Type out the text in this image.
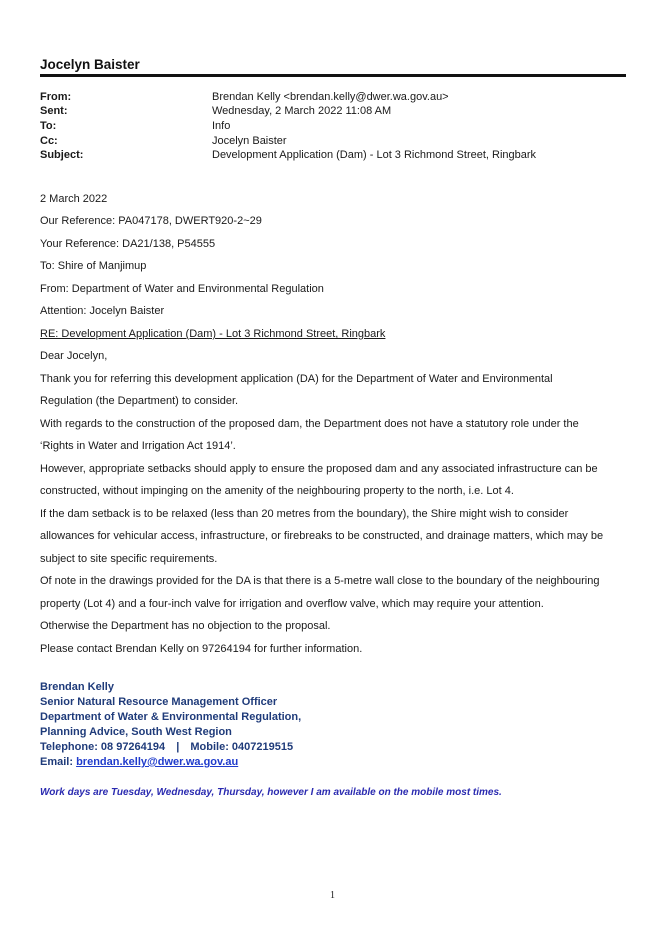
Jocelyn Baister
From:	Brendan Kelly <brendan.kelly@dwer.wa.gov.au>
Sent:	Wednesday, 2 March 2022 11:08 AM
To:	Info
Cc:	Jocelyn Baister
Subject:	Development Application (Dam) - Lot 3 Richmond Street, Ringbark
2 March 2022
Our Reference: PA047178, DWERT920-2~29
Your Reference: DA21/138, P54555
To: Shire of Manjimup
From: Department of Water and Environmental Regulation
Attention: Jocelyn Baister
RE: Development Application (Dam) - Lot 3 Richmond Street, Ringbark
Dear Jocelyn,
Thank you for referring this development application (DA) for the Department of Water and Environmental
Regulation (the Department) to consider.
With regards to the construction of the proposed dam, the Department does not have a statutory role under the
‘Rights in Water and Irrigation Act 1914’.
However, appropriate setbacks should apply to ensure the proposed dam and any associated infrastructure can be
constructed, without impinging on the amenity of the neighbouring property to the north, i.e. Lot 4.
If the dam setback is to be relaxed (less than 20 metres from the boundary), the Shire might wish to consider
allowances for vehicular access, infrastructure, or firebreaks to be constructed, and drainage matters, which may be
subject to site specific requirements.
Of note in the drawings provided for the DA is that there is a 5-metre wall close to the boundary of the neighbouring
property (Lot 4) and a four-inch valve for irrigation and overflow valve, which may require your attention.
Otherwise the Department has no objection to the proposal.
Please contact Brendan Kelly on 97264194 for further information.
Brendan Kelly
Senior Natural Resource Management Officer
Department of Water & Environmental Regulation,
Planning Advice, South West Region
Telephone: 08 97264194 | Mobile: 0407219515
Email: brendan.kelly@dwer.wa.gov.au
Work days are Tuesday, Wednesday, Thursday, however I am available on the mobile most times.
1
